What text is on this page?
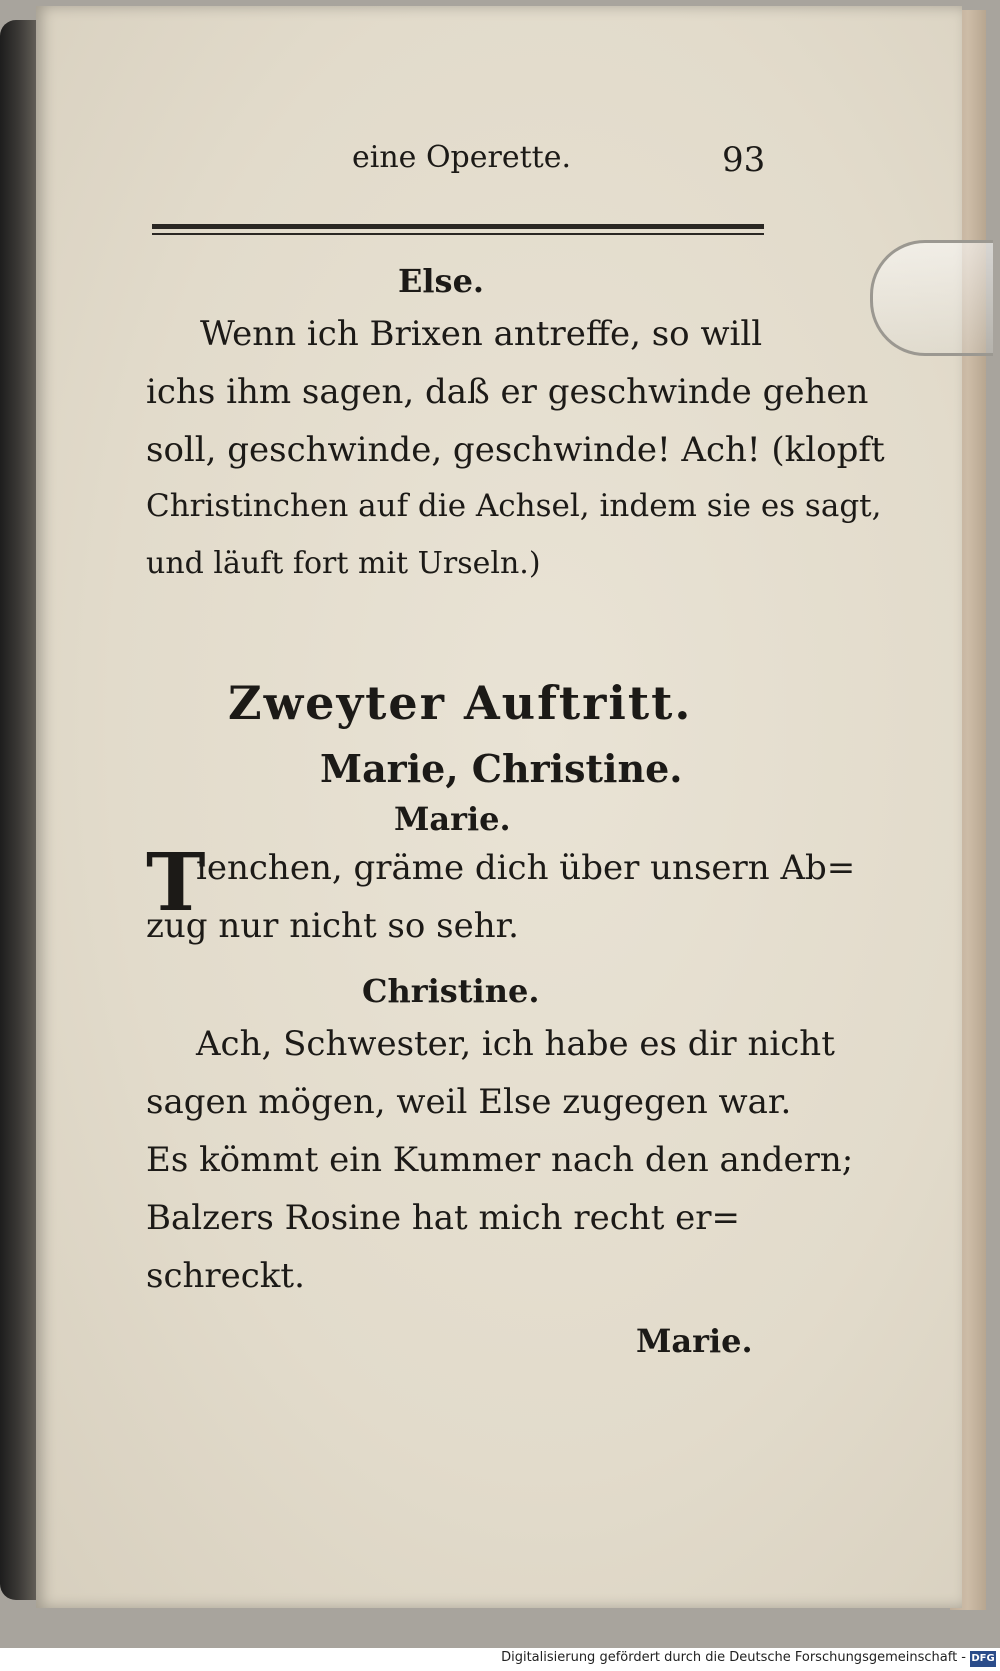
eine Operette.	93
Else.
Wenn ich Brixen antreffe, so will
ichs ihm sagen, daß er geschwinde gehen
soll, geschwinde, geschwinde! Ach! (klopft
Christinchen auf die Achsel, indem sie es sagt,
und läuft fort mit Urseln.)
Zweyter Auftritt.
Marie, Christine.
Marie.
T
ienchen, gräme dich über unsern Ab=
zug nur nicht so sehr.
Christine.
Ach, Schwester, ich habe es dir nicht
sagen mögen, weil Else zugegen war.
Es kömmt ein Kummer nach den andern;
Balzers Rosine hat mich recht er=
schreckt.
Marie.
Digitalisierung gefördert durch die Deutsche Forschungsgemeinschaft - DFG
